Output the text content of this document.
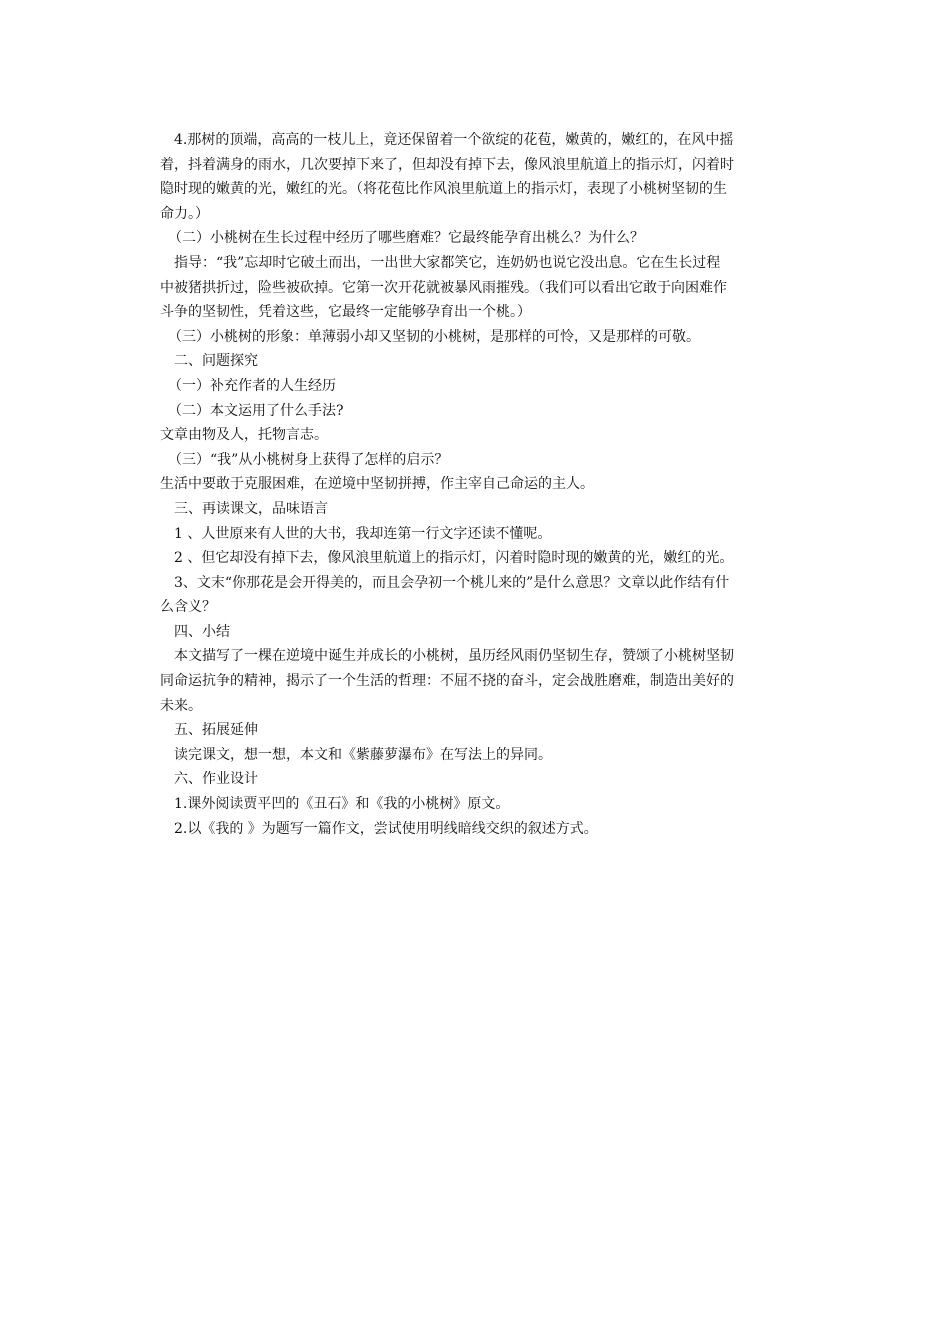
4.那树的顶端，高高的一枝儿上，竟还保留着一个欲绽的花苞，嫩黄的，嫩红的，在风中摇
着，抖着满身的雨水，几次要掉下来了，但却没有掉下去，像风浪里航道上的指示灯，闪着时
隐时现的嫩黄的光，嫩红的光。（将花苞比作风浪里航道上的指示灯，表现了小桃树坚韧的生
命力。）
（二）小桃树在生长过程中经历了哪些磨难？它最终能孕育出桃么？为什么？
指导：“我”忘却时它破土而出，一出世大家都笑它，连奶奶也说它没出息。它在生长过程
中被猪拱折过，险些被砍掉。它第一次开花就被暴风雨摧残。（我们可以看出它敢于向困难作
斗争的坚韧性，凭着这些，它最终一定能够孕育出一个桃。）
（三）小桃树的形象：单薄弱小却又坚韧的小桃树，是那样的可怜，又是那样的可敬。
二、问题探究
（一）补充作者的人生经历
（二）本文运用了什么手法?
文章由物及人，托物言志。
（三）“我”从小桃树身上获得了怎样的启示？
生活中要敢于克服困难，在逆境中坚韧拼搏，作主宰自己命运的主人。
三、再读课文，品味语言
1 、人世原来有人世的大书，我却连第一行文字还读不懂呢。
2 、但它却没有掉下去，像风浪里航道上的指示灯，闪着时隐时现的嫩黄的光，嫩红的光。
3、文末“你那花是会开得美的，而且会孕初一个桃儿来的”是什么意思？文章以此作结有什
么含义？
四、小结
本文描写了一棵在逆境中诞生并成长的小桃树，虽历经风雨仍坚韧生存，赞颂了小桃树坚韧
同命运抗争的精神，揭示了一个生活的哲理：不屈不挠的奋斗，定会战胜磨难，制造出美好的
未来。
五、拓展延伸
读完课文，想一想，本文和《紫藤萝瀑布》在写法上的异同。
六、作业设计
1.课外阅读贾平凹的《丑石》和《我的小桃树》原文。
2.以《我的 》为题写一篇作文，尝试使用明线暗线交织的叙述方式。
